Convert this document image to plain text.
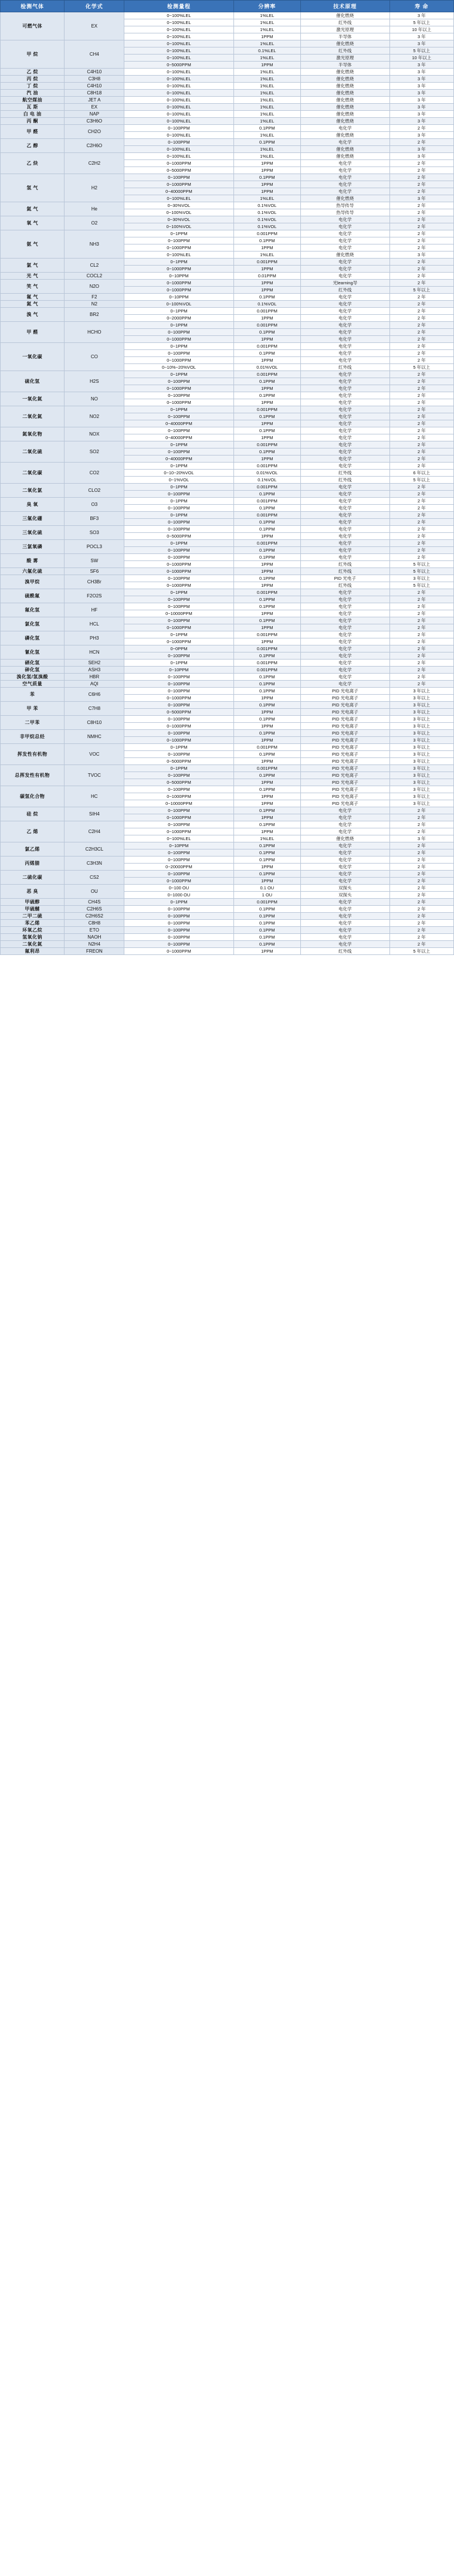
检测气体	化学式	检测量程	分辨率	技术原理	寿 命
可燃气体	EX	0~100%LEL	1%LEL	催化燃烧	3 年
		0~100%LEL	1%LEL	红外线	5 年以上
		0~100%LEL	1%LEL	激光原理	10 年以上
		0~100%LEL	1PPM	半导体	3 年
甲 烷	CH4	0~100%LEL	1%LEL	催化燃烧	3 年
		0~100%LEL	0.1%LEL	红外线	5 年以上
		0~100%LEL	1%LEL	激光原理	10 年以上
		0~5000PPM	1PPM	半导体	3 年
乙 烷	C4H10	0~100%LEL	1%LEL	催化燃烧	3 年
丙 烷	C3H8	0~100%LEL	1%LEL	催化燃烧	3 年
丁 烷	C4H10	0~100%LEL	1%LEL	催化燃烧	3 年
汽 油	C8H18	0~100%LEL	1%LEL	催化燃烧	3 年
航空煤油	JET A	0~100%LEL	1%LEL	催化燃烧	3 年
瓦 斯	EX	0~100%LEL	1%LEL	催化燃烧	3 年
白 电 油	NAP	0~100%LEL	1%LEL	催化燃烧	3 年
丙 酮	C3H6O	0~100%LEL	1%LEL	催化燃烧	3 年
甲 醛	CH2O	0~100PPM	0.1PPM	电化学	2 年
		0~100%LEL	1%LEL	催化燃烧	3 年
乙 醇	C2H6O	0~100PPM	0.1PPM	电化学	2 年
		0~100%LEL	1%LEL	催化燃烧	3 年
乙 炔	C2H2	0~100%LEL	1%LEL	催化燃烧	3 年
		0~1000PPM	1PPM	电化学	2 年
		0~5000PPM	1PPM	电化学	2 年
氢 气	H2	0~100PPM	0.1PPM	电化学	2 年
		0~1000PPM	1PPM	电化学	2 年
		0~40000PPM	1PPM	电化学	2 年
		0~100%LEL	1%LEL	催化燃烧	3 年
氦 气	He	0~30%VOL	0.1%VOL	热导传导	2 年
		0~100%VOL	0.1%VOL	热导传导	2 年
氧 气	O2	0~30%VOL	0.1%VOL	电化学	2 年
		0~100%VOL	0.1%VOL	电化学	2 年
氨 气	NH3	0~1PPM	0.001PPM	电化学	2 年
		0~100PPM	0.1PPM	电化学	2 年
		0~1000PPM	1PPM	电化学	2 年
		0~100%LEL	1%LEL	催化燃烧	3 年
氯 气	CL2	0~1PPM	0.001PPM	电化学	2 年
		0~1000PPM	1PPM	电化学	2 年
光 气	COCL2	0~10PPM	0.01PPM	电化学	2 年
笑 气	N2O	0~1000PPM	1PPM	光learning导	2 年
		0~1000PPM	1PPM	红外线	5 年以上
氟 气	F2	0~10PPM	0.1PPM	电化学	2 年
氮 气	N2	0~100%VOL	0.1%VOL	电化学	2 年
溴 气	BR2	0~1PPM	0.001PPM	电化学	2 年
		0~2000PPM	1PPM	电化学	2 年
甲 醛	HCHO	0~1PPM	0.001PPM	电化学	2 年
		0~100PPM	0.1PPM	电化学	2 年
		0~1000PPM	1PPM	电化学	2 年
一氧化碳	CO	0~1PPM	0.001PPM	电化学	2 年
		0~100PPM	0.1PPM	电化学	2 年
		0~1000PPM	1PPM	电化学	2 年
		0~10%~20%VOL	0.01%VOL	红外线	5 年以上
硫化氢	H2S	0~1PPM	0.001PPM	电化学	2 年
		0~100PPM	0.1PPM	电化学	2 年
		0~1000PPM	1PPM	电化学	2 年
一氧化氮	NO	0~100PPM	0.1PPM	电化学	2 年
		0~1000PPM	1PPM	电化学	2 年
二氧化氮	NO2	0~1PPM	0.001PPM	电化学	2 年
		0~100PPM	0.1PPM	电化学	2 年
		0~40000PPM	1PPM	电化学	2 年
氮氧化物	NOX	0~100PPM	0.1PPM	电化学	2 年
		0~40000PPM	1PPM	电化学	2 年
二氧化硫	SO2	0~1PPM	0.001PPM	电化学	2 年
		0~100PPM	0.1PPM	电化学	2 年
		0~40000PPM	1PPM	电化学	2 年
二氧化碳	CO2	0~1PPM	0.001PPM	电化学	2 年
		0~10~20%VOL	0.01%VOL	红外线	6 年以上
		0~1%VOL	0.1%VOL	红外线	5 年以上
二氧化氯	CLO2	0~1PPM	0.001PPM	电化学	2 年
		0~100PPM	0.1PPM	电化学	2 年
臭 氧	O3	0~1PPM	0.001PPM	电化学	2 年
		0~100PPM	0.1PPM	电化学	2 年
三氟化硼	BF3	0~1PPM	0.001PPM	电化学	2 年
		0~100PPM	0.1PPM	电化学	2 年
三氧化硫	SO3	0~100PPM	0.1PPM	电化学	2 年
		0~5000PPM	1PPM	电化学	2 年
三氯氧磷	POCL3	0~1PPM	0.001PPM	电化学	2 年
		0~100PPM	0.1PPM	电化学	2 年
酸 雾	SW	0~100PPM	0.1PPM	电化学	2 年
		0~1000PPM	1PPM	红外线	5 年以上
六氟化硫	SF6	0~1000PPM	1PPM	红外线	5 年以上
溴甲烷	CH3Br	0~100PPM	0.1PPM	PID 光电子	3 年以上
		0~1000PPM	1PPM	红外线	5 年以上
硫酰氟	F2O2S	0~1PPM	0.001PPM	电化学	2 年
		0~100PPM	0.1PPM	电化学	2 年
氟化氢	HF	0~100PPM	0.1PPM	电化学	2 年
		0~10000PPM	1PPM	电化学	2 年
氯化氢	HCL	0~100PPM	0.1PPM	电化学	2 年
		0~1000PPM	1PPM	电化学	2 年
磷化氢	PH3	0~1PPM	0.001PPM	电化学	2 年
		0~1000PPM	1PPM	电化学	2 年
氰化氢	HCN	0~0PPM	0.001PPM	电化学	2 年
		0~100PPM	0.1PPM	电化学	2 年
硒化氢	SEH2	0~1PPM	0.001PPM	电化学	2 年
砷化氢	ASH3	0~10PPM	0.001PPM	电化学	2 年
溴化氢/氢溴酸	HBR	0~100PPM	0.1PPM	电化学	2 年
空气质量	AQI	0~100PPM	0.1PPM	电化学	2 年
苯	C6H6	0~100PPM	0.1PPM	PID 光电离子	3 年以上
		0~1000PPM	1PPM	PID 光电离子	3 年以上
甲 苯	C7H8	0~100PPM	0.1PPM	PID 光电离子	3 年以上
		0~5000PPM	1PPM	PID 光电离子	3 年以上
二甲苯	C8H10	0~100PPM	0.1PPM	PID 光电离子	3 年以上
		0~1000PPM	1PPM	PID 光电离子	3 年以上
非甲烷总烃	NMHC	0~100PPM	0.1PPM	PID 光电离子	3 年以上
		0~1000PPM	1PPM	PID 光电离子	3 年以上
挥发性有机物	VOC	0~1PPM	0.001PPM	PID 光电离子	3 年以上
		0~100PPM	0.1PPM	PID 光电离子	3 年以上
		0~5000PPM	1PPM	PID 光电离子	3 年以上
总挥发性有机物	TVOC	0~1PPM	0.001PPM	PID 光电离子	3 年以上
		0~100PPM	0.1PPM	PID 光电离子	3 年以上
		0~5000PPM	1PPM	PID 光电离子	3 年以上
碳氢化合物	HC	0~100PPM	0.1PPM	PID 光电离子	3 年以上
		0~1000PPM	1PPM	PID 光电离子	3 年以上
		0~10000PPM	1PPM	PID 光电离子	3 年以上
硅 烷	SIH4	0~100PPM	0.1PPM	电化学	2 年
		0~1000PPM	1PPM	电化学	2 年
乙 烯	C2H4	0~100PPM	0.1PPM	电化学	2 年
		0~1000PPM	1PPM	电化学	2 年
		0~100%LEL	1%LEL	催化燃烧	3 年
氯乙烯	C2H3CL	0~10PPM	0.1PPM	电化学	2 年
		0~100PPM	0.1PPM	电化学	2 年
丙烯腈	C3H3N	0~100PPM	0.1PPM	电化学	2 年
		0~20000PPM	1PPM	电化学	2 年
二硫化碳	CS2	0~100PPM	0.1PPM	电化学	2 年
		0~1000PPM	1PPM	电化学	2 年
恶 臭	OU	0~100 OU	0.1 OU	双探头	2 年
		0~1000 OU	1 OU	双探头	2 年
甲硫醇	CH4S	0~1PPM	0.001PPM	电化学	2 年
甲硫醚	C2H6S	0~100PPM	0.1PPM	电化学	2 年
二甲二硫	C2H6S2	0~100PPM	0.1PPM	电化学	2 年
苯乙烯	C8H8	0~100PPM	0.1PPM	电化学	2 年
环氧乙烷	ETO	0~100PPM	0.1PPM	电化学	2 年
氢氧化钠	NAOH	0~100PPM	0.1PPM	电化学	2 年
二氧化氮	N2H4	0~100PPM	0.1PPM	电化学	2 年
氟利昂	FREON	0~1000PPM	1PPM	红外线	5 年以上
